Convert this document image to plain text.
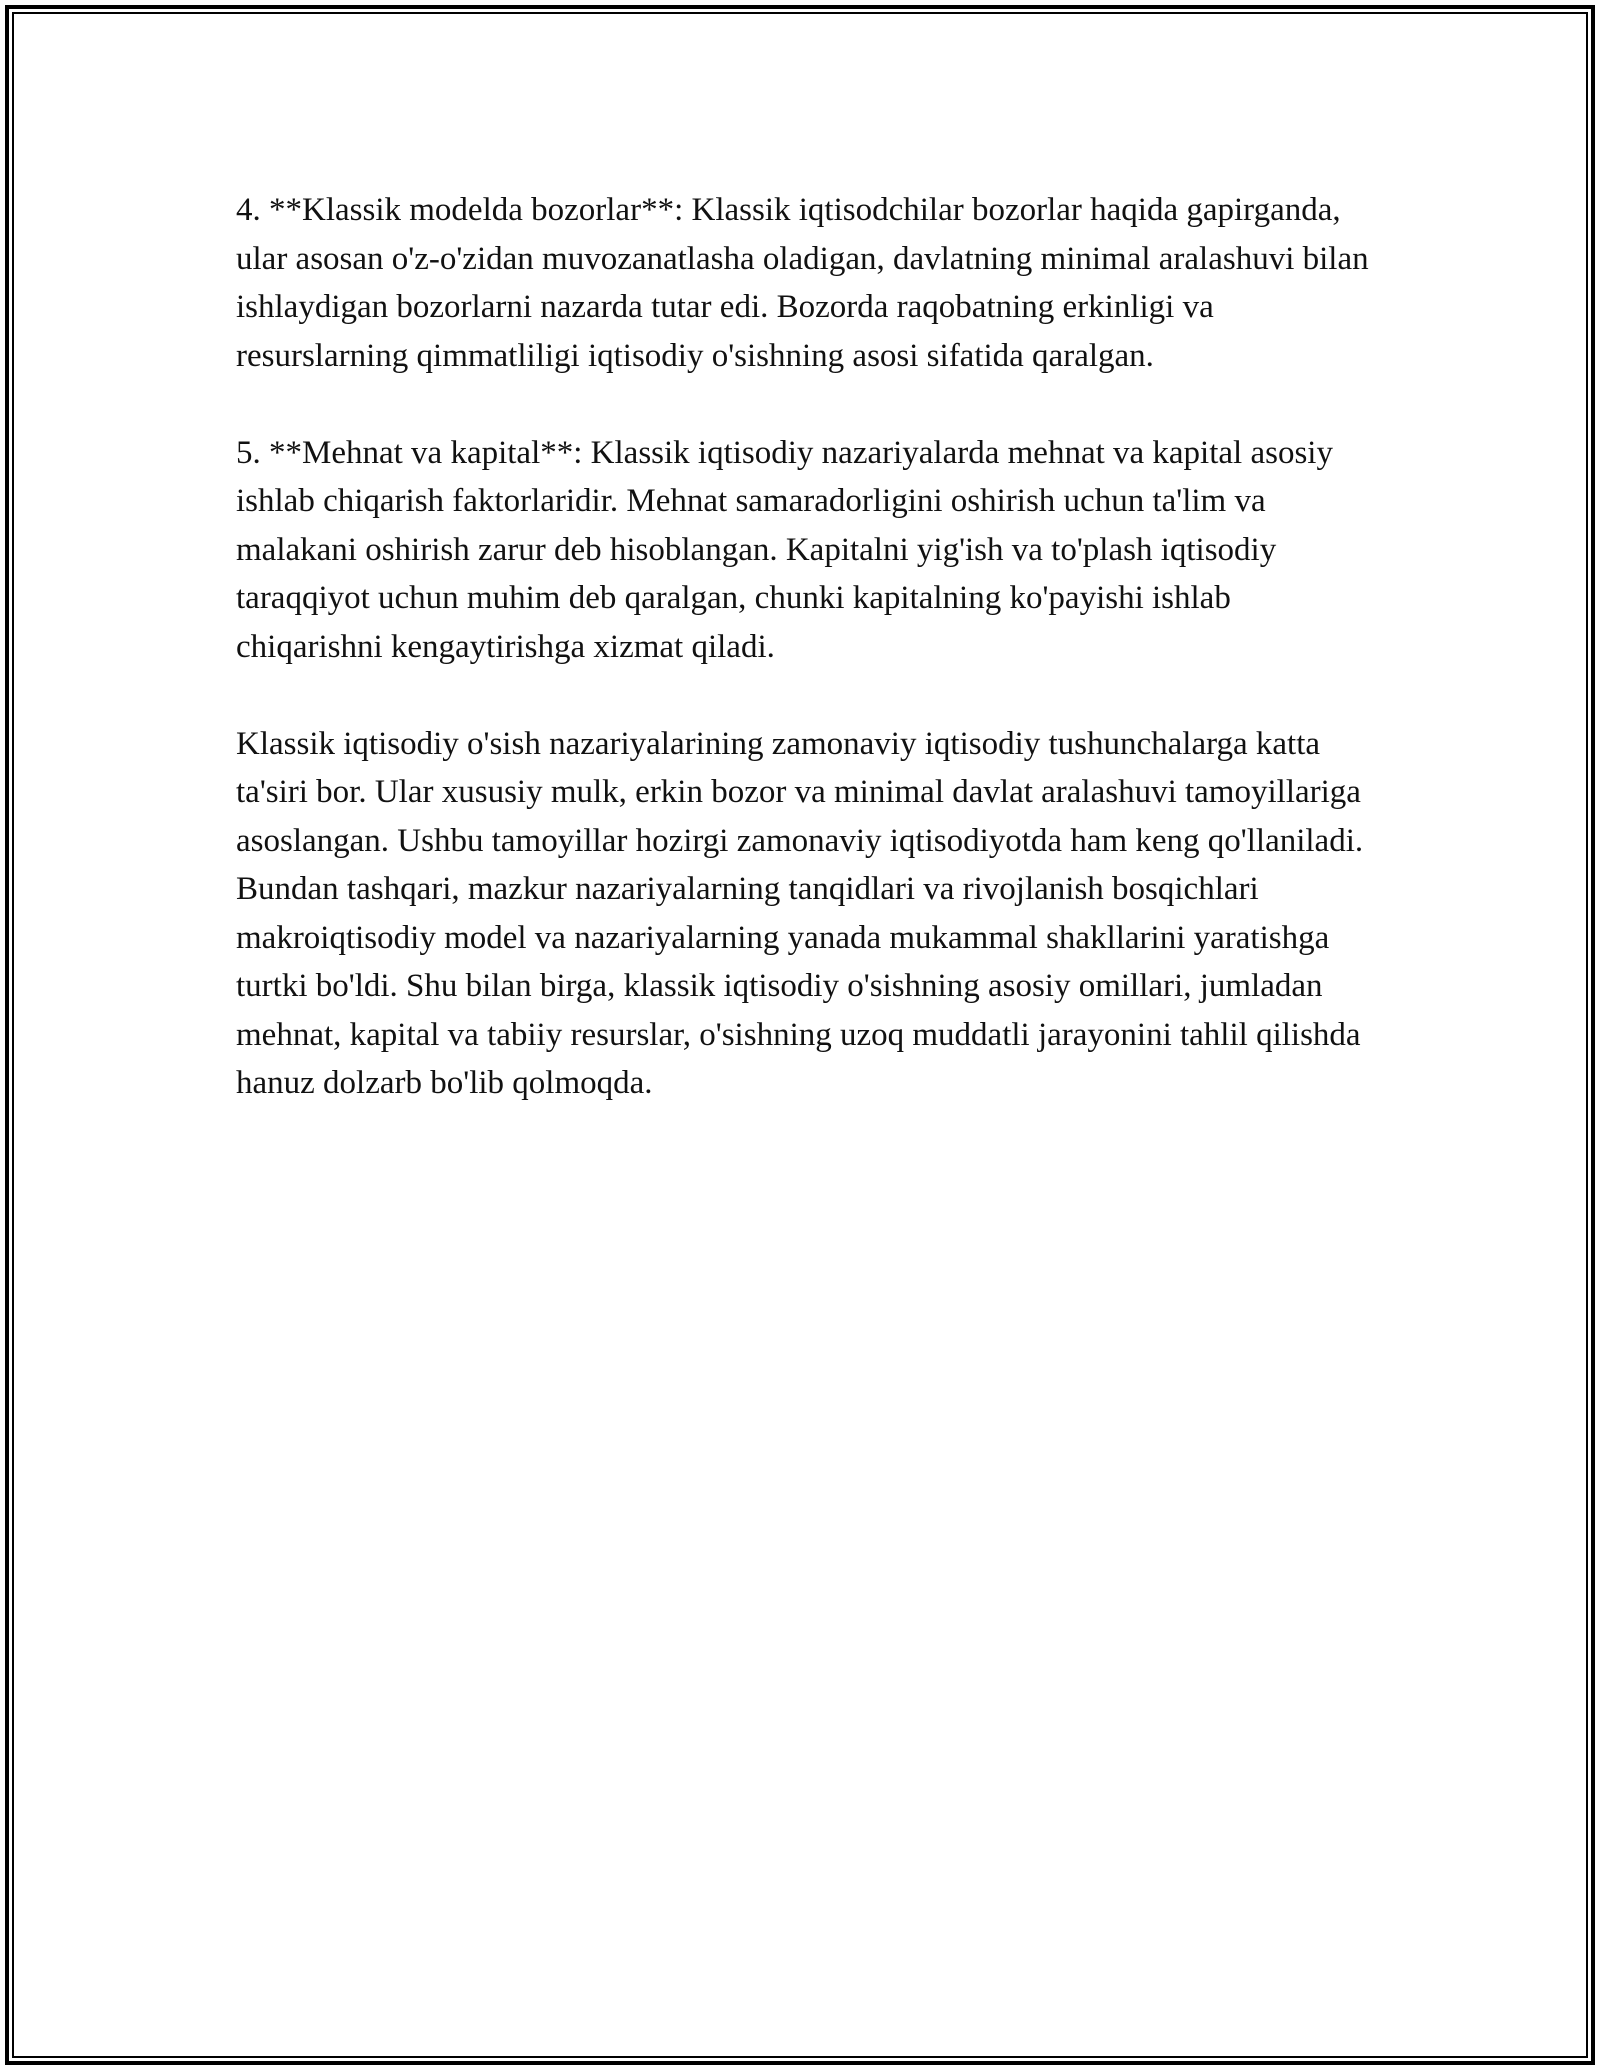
4. **Klassik modelda bozorlar**: Klassik iqtisodchilar bozorlar haqida gapirganda, ular asosan o'z-o'zidan muvozanatlasha oladigan, davlatning minimal aralashuvi bilan ishlaydigan bozorlarni nazarda tutar edi. Bozorda raqobatning erkinligi va resurslarning qimmatliligi iqtisodiy o'sishning asosi sifatida qaralgan.

5. **Mehnat va kapital**: Klassik iqtisodiy nazariyalarda mehnat va kapital asosiy ishlab chiqarish faktorlaridir. Mehnat samaradorligini oshirish uchun ta'lim va malakani oshirish zarur deb hisoblangan. Kapitalni yig'ish va to'plash iqtisodiy taraqqiyot uchun muhim deb qaralgan, chunki kapitalning ko'payishi ishlab chiqarishni kengaytirishga xizmat qiladi.

Klassik iqtisodiy o'sish nazariyalarining zamonaviy iqtisodiy tushunchalarga katta ta'siri bor. Ular xususiy mulk, erkin bozor va minimal davlat aralashuvi tamoyillariga asoslangan. Ushbu tamoyillar hozirgi zamonaviy iqtisodiyotda ham keng qo'llaniladi. Bundan tashqari, mazkur nazariyalarning tanqidlari va rivojlanish bosqichlari makroiqtisodiy model va nazariyalarning yanada mukammal shakllarini yaratishga turtki bo'ldi. Shu bilan birga, klassik iqtisodiy o'sishning asosiy omillari, jumladan mehnat, kapital va tabiiy resurslar, o'sishning uzoq muddatli jarayonini tahlil qilishda hanuz dolzarb bo'lib qolmoqda.
